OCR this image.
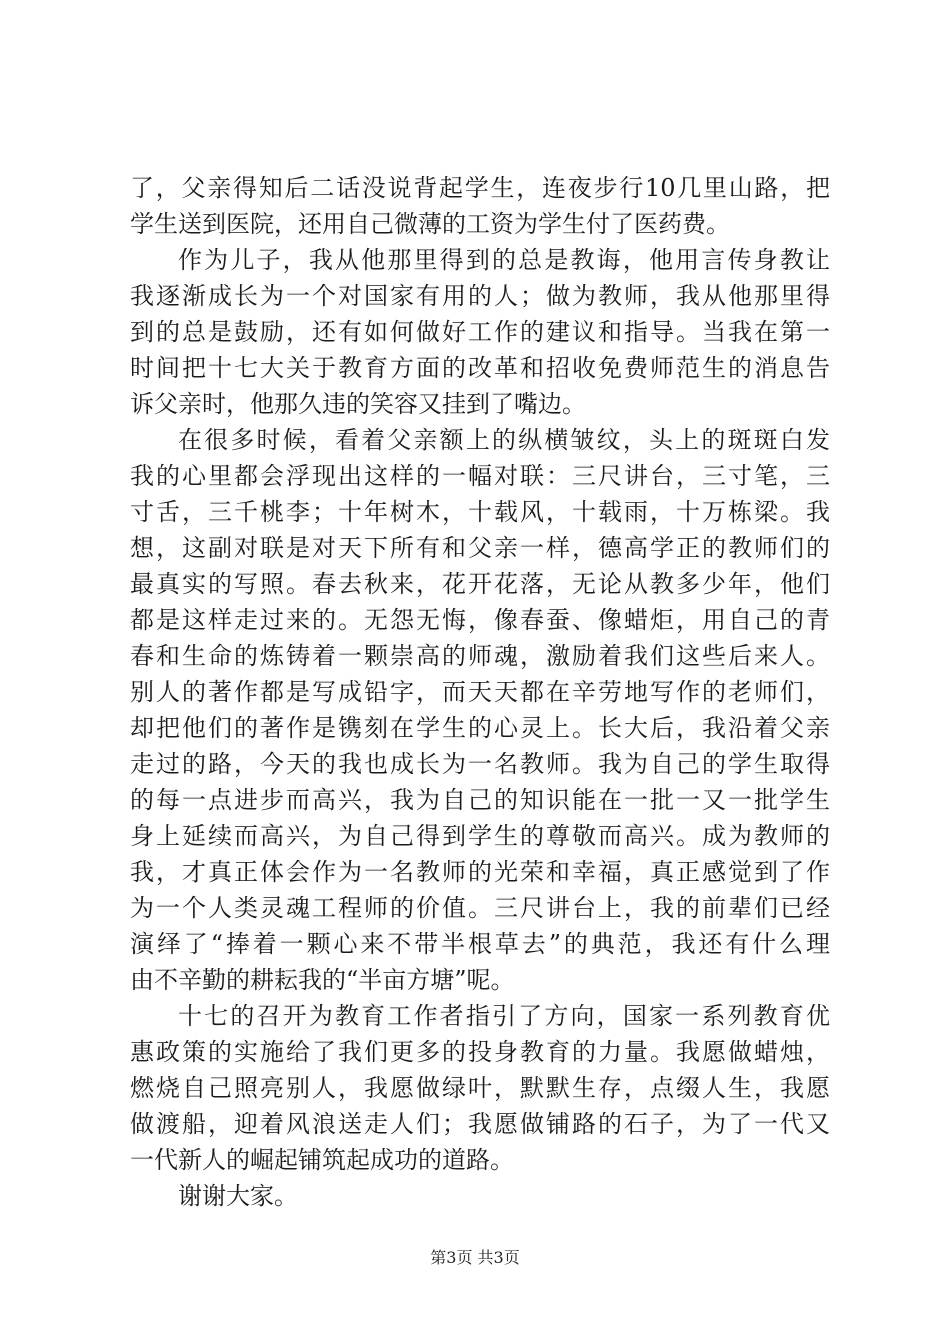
了，父亲得知后二话没说背起学生，连夜步行10几里山路，把
学生送到医院，还用自己微薄的工资为学生付了医药费。
作为儿子，我从他那里得到的总是教诲，他用言传身教让
我逐渐成长为一个对国家有用的人；做为教师，我从他那里得
到的总是鼓励，还有如何做好工作的建议和指导。当我在第一
时间把十七大关于教育方面的改革和招收免费师范生的消息告
诉父亲时，他那久违的笑容又挂到了嘴边。
在很多时候，看着父亲额上的纵横皱纹，头上的斑斑白发
我的心里都会浮现出这样的一幅对联：三尺讲台，三寸笔，三
寸舌，三千桃李；十年树木，十载风，十载雨，十万栋梁。我
想，这副对联是对天下所有和父亲一样，德高学正的教师们的
最真实的写照。春去秋来，花开花落，无论从教多少年，他们
都是这样走过来的。无怨无悔，像春蚕、像蜡炬，用自己的青
春和生命的炼铸着一颗崇高的师魂，激励着我们这些后来人。
别人的著作都是写成铅字，而天天都在辛劳地写作的老师们，
却把他们的著作是镌刻在学生的心灵上。长大后，我沿着父亲
走过的路，今天的我也成长为一名教师。我为自己的学生取得
的每一点进步而高兴，我为自己的知识能在一批一又一批学生
身上延续而高兴，为自己得到学生的尊敬而高兴。成为教师的
我，才真正体会作为一名教师的光荣和幸福，真正感觉到了作
为一个人类灵魂工程师的价值。三尺讲台上，我的前辈们已经
演绎了“捧着一颗心来不带半根草去”的典范，我还有什么理
由不辛勤的耕耘我的“半亩方塘”呢。
十七的召开为教育工作者指引了方向，国家一系列教育优
惠政策的实施给了我们更多的投身教育的力量。我愿做蜡烛，
燃烧自己照亮别人，我愿做绿叶，默默生存，点缀人生，我愿
做渡船，迎着风浪送走人们；我愿做铺路的石子，为了一代又
一代新人的崛起铺筑起成功的道路。
谢谢大家。
第3页 共3页
